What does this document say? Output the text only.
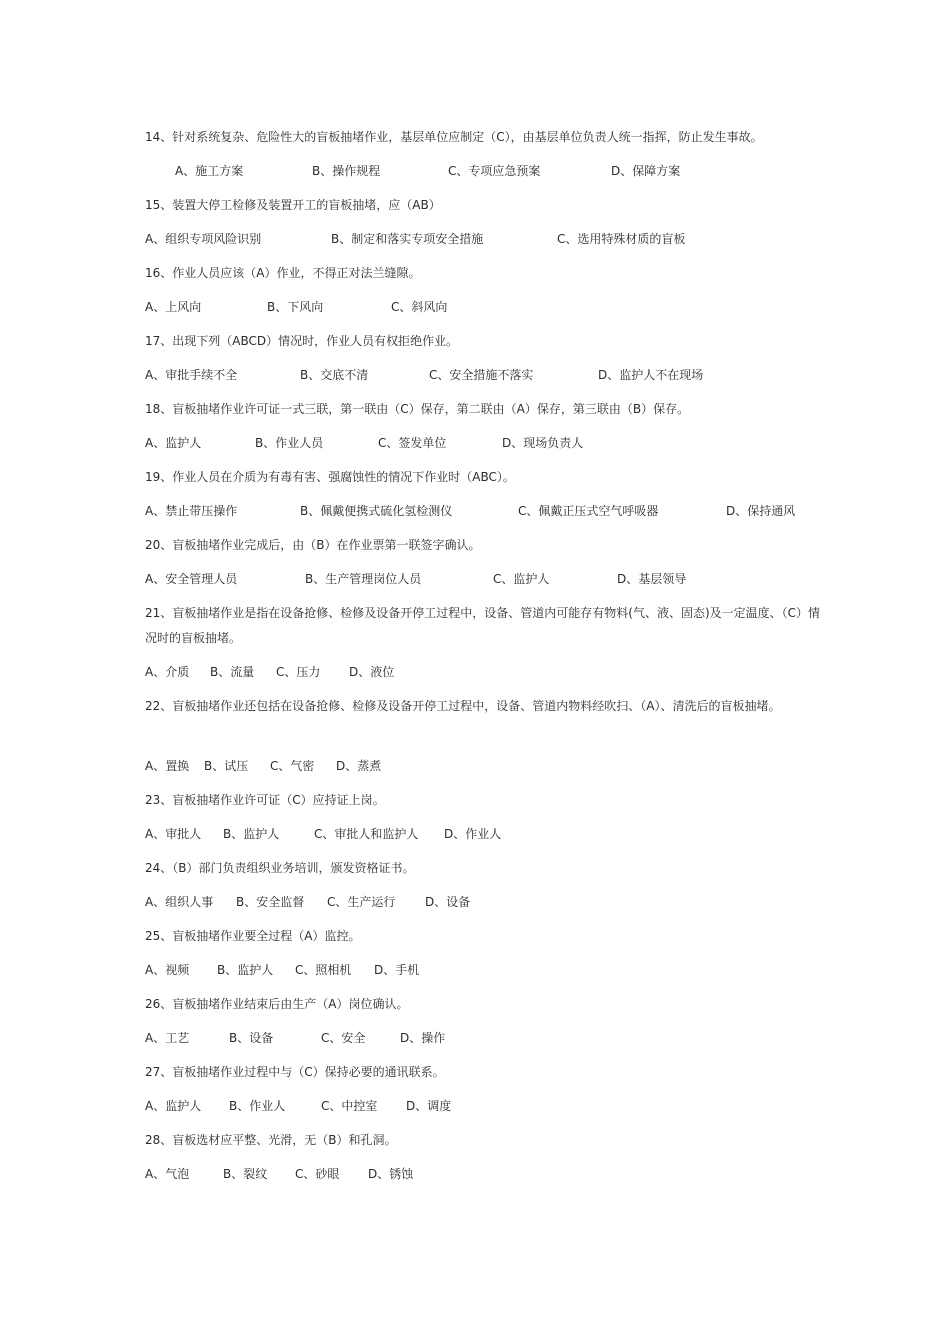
14、针对系统复杂、危险性大的盲板抽堵作业，基层单位应制定（C），由基层单位负责人统一指挥，防止发生事故。
A、施工方案	B、操作规程	C、专项应急预案	D、保障方案
15、装置大停工检修及装置开工的盲板抽堵，应（AB）
A、组织专项风险识别	B、制定和落实专项安全措施	C、选用特殊材质的盲板
16、作业人员应该（A）作业，不得正对法兰缝隙。
A、上风向	B、下风向	C、斜风向
17、出现下列（ABCD）情况时，作业人员有权拒绝作业。
A、审批手续不全	B、交底不清	C、安全措施不落实	D、监护人不在现场
18、盲板抽堵作业许可证一式三联，第一联由（C）保存，第二联由（A）保存，第三联由（B）保存。
A、监护人	B、作业人员	C、签发单位	D、现场负责人
19、作业人员在介质为有毒有害、强腐蚀性的情况下作业时（ABC）。
A、禁止带压操作	B、佩戴便携式硫化氢检测仪	C、佩戴正压式空气呼吸器	D、保持通风
20、盲板抽堵作业完成后，由（B）在作业票第一联签字确认。
A、安全管理人员	B、生产管理岗位人员	C、监护人	D、基层领导
21、盲板抽堵作业是指在设备抢修、检修及设备开停工过程中，设备、管道内可能存有物料(气、液、固态)及一定温度、（C）情况时的盲板抽堵。
A、介质 B、流量 C、压力 D、液位
22、盲板抽堵作业还包括在设备抢修、检修及设备开停工过程中，设备、管道内物料经吹扫、（A）、清洗后的盲板抽堵。
A、置换 B、试压 C、气密 D、蒸煮
23、盲板抽堵作业许可证（C）应持证上岗。
A、审批人 B、监护人	C、审批人和监护人 D、作业人
24、（B）部门负责组织业务培训，颁发资格证书。
A、组织人事 B、安全监督 C、生产运行 D、设备
25、盲板抽堵作业要全过程（A）监控。
A、视频 B、监护人 C、照相机 D、手机
26、盲板抽堵作业结束后由生产（A）岗位确认。
A、工艺	B、设备	C、安全	D、操作
27、盲板抽堵作业过程中与（C）保持必要的通讯联系。
A、监护人 B、作业人	C、中控室 D、调度
28、盲板选材应平整、光滑，无（B）和孔洞。
A、气泡	B、裂纹 C、砂眼 D、锈蚀
